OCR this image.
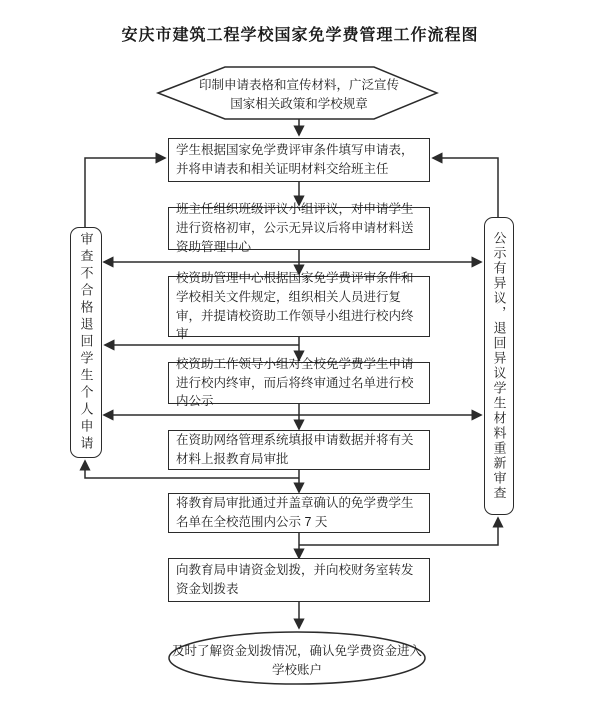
安庆市建筑工程学校国家免学费管理工作流程图
印制申请表格和宣传材料，广泛宣传国家相关政策和学校规章
学生根据国家免学费评审条件填写申请表，并将申请表和相关证明材料交给班主任
班主任组织班级评议小组评议，对申请学生进行资格初审，公示无异议后将申请材料送资助管理中心
校资助管理中心根据国家免学费评审条件和学校相关文件规定，组织相关人员进行复审，并提请校资助工作领导小组进行校内终审
校资助工作领导小组对全校免学费学生申请进行校内终审，而后将终审通过名单进行校内公示
在资助网络管理系统填报申请数据并将有关材料上报教育局审批
将教育局审批通过并盖章确认的免学费学生名单在全校范围内公示 7 天
向教育局申请资金划拨，并向校财务室转发资金划拨表
及时了解资金划拨情况，确认免学费资金进入学校账户
审查不合格退回学生个人申请	公示有异议，退回异议学生材料重新审查
